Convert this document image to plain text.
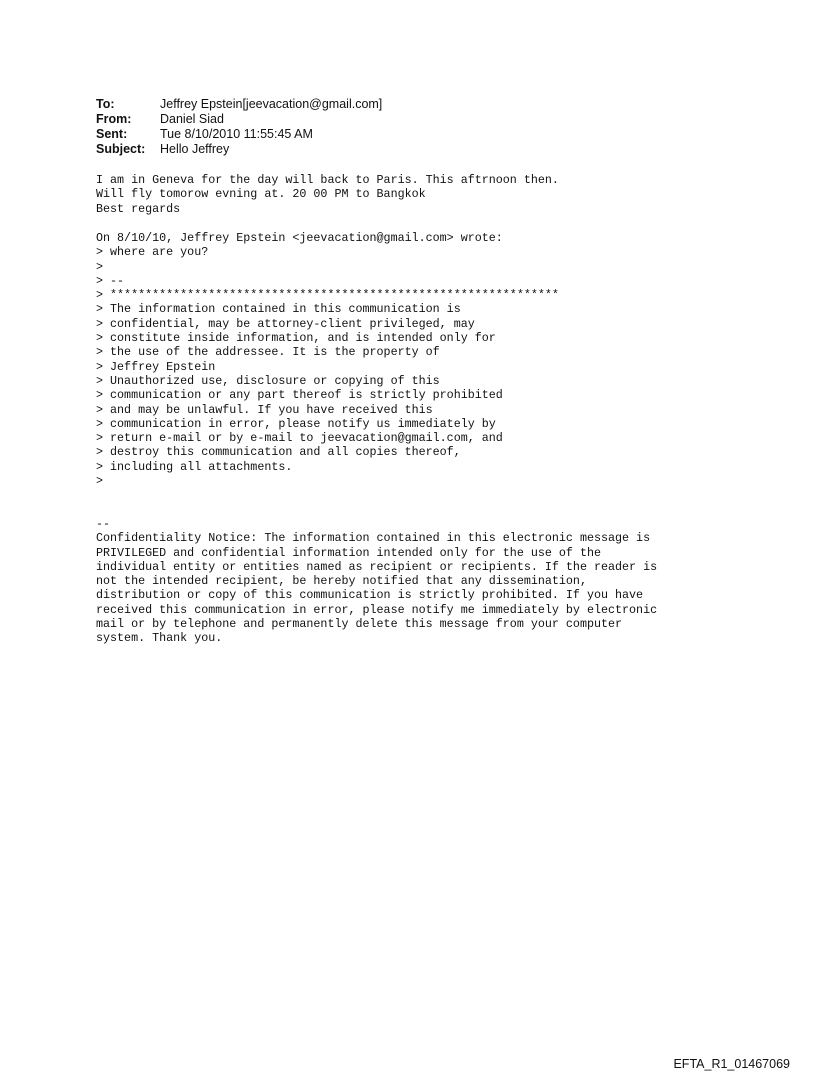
To:	Jeffrey Epstein[jeevacation@gmail.com]
From:	Daniel Siad
Sent:	Tue 8/10/2010 11:55:45 AM
Subject:	Hello Jeffrey
I am in Geneva for the day will back to Paris. This aftrnoon then.
Will fly tomorow evning at. 20 00 PM to Bangkok
Best regards
On 8/10/10, Jeffrey Epstein <jeevacation@gmail.com> wrote:
> where are you?
>
> --
> ****************************************************************
> The information contained in this communication is
> confidential, may be attorney-client privileged, may
> constitute inside information, and is intended only for
> the use of the addressee. It is the property of
> Jeffrey Epstein
> Unauthorized use, disclosure or copying of this
> communication or any part thereof is strictly prohibited
> and may be unlawful. If you have received this
> communication in error, please notify us immediately by
> return e-mail or by e-mail to jeevacation@gmail.com, and
> destroy this communication and all copies thereof,
> including all attachments.
>
--
Confidentiality Notice: The information contained in this electronic message is
PRIVILEGED and confidential information intended only for the use of the
individual entity or entities named as recipient or recipients. If the reader is
not the intended recipient, be hereby notified that any dissemination,
distribution or copy of this communication is strictly prohibited. If you have
received this communication in error, please notify me immediately by electronic
mail or by telephone and permanently delete this message from your computer
system. Thank you.
EFTA_R1_01467069
